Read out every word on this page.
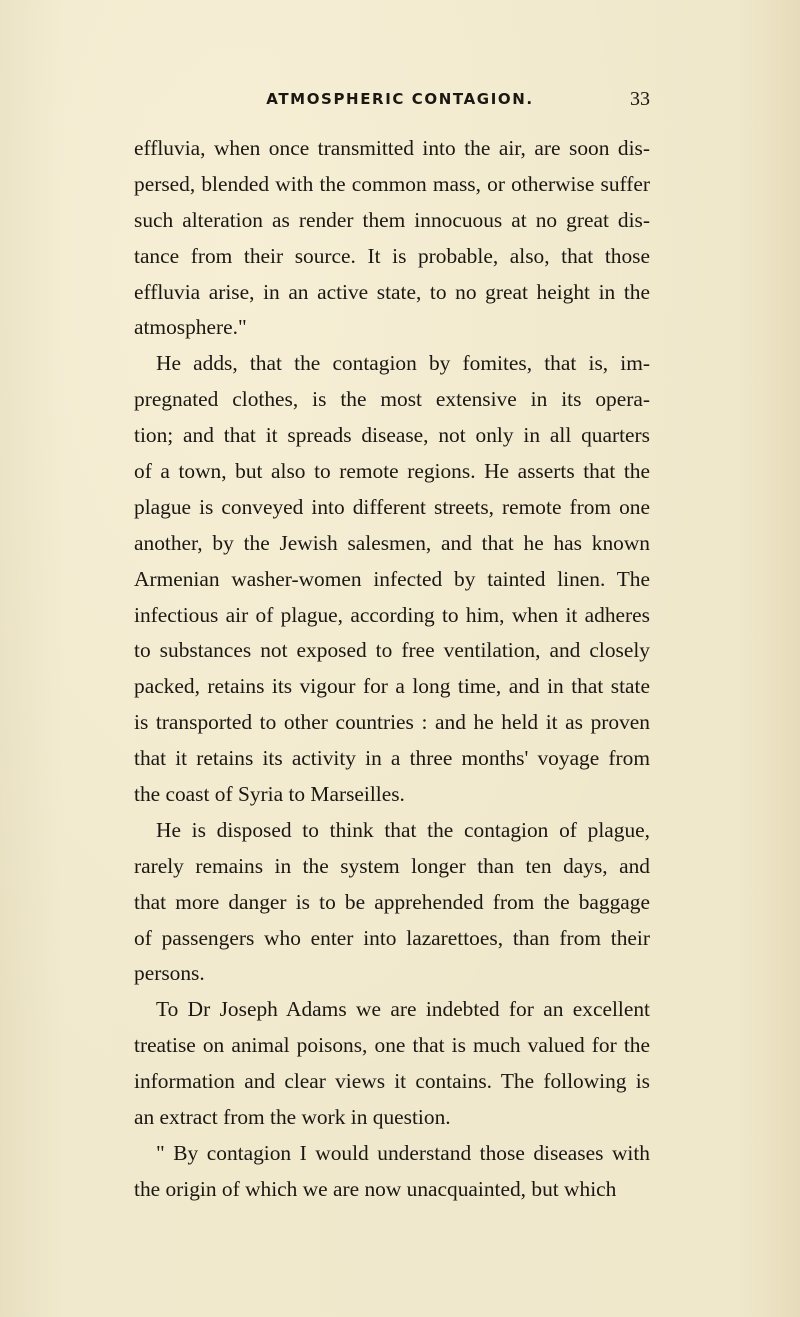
ATMOSPHERIC CONTAGION.	33
effluvia, when once transmitted into the air, are soon dis-
persed, blended with the common mass, or otherwise suffer
such alteration as render them innocuous at no great dis-
tance from their source. It is probable, also, that those
effluvia arise, in an active state, to no great height in the
atmosphere."
He adds, that the contagion by fomites, that is, im-
pregnated clothes, is the most extensive in its opera-
tion; and that it spreads disease, not only in all quarters
of a town, but also to remote regions. He asserts that the
plague is conveyed into different streets, remote from one
another, by the Jewish salesmen, and that he has known
Armenian washer-women infected by tainted linen. The
infectious air of plague, according to him, when it adheres
to substances not exposed to free ventilation, and closely
packed, retains its vigour for a long time, and in that state
is transported to other countries : and he held it as proven
that it retains its activity in a three months' voyage from
the coast of Syria to Marseilles.
He is disposed to think that the contagion of plague,
rarely remains in the system longer than ten days, and
that more danger is to be apprehended from the baggage
of passengers who enter into lazarettoes, than from their
persons.
To Dr Joseph Adams we are indebted for an excellent
treatise on animal poisons, one that is much valued for the
information and clear views it contains. The following is
an extract from the work in question.
" By contagion I would understand those diseases with
the origin of which we are now unacquainted, but which
